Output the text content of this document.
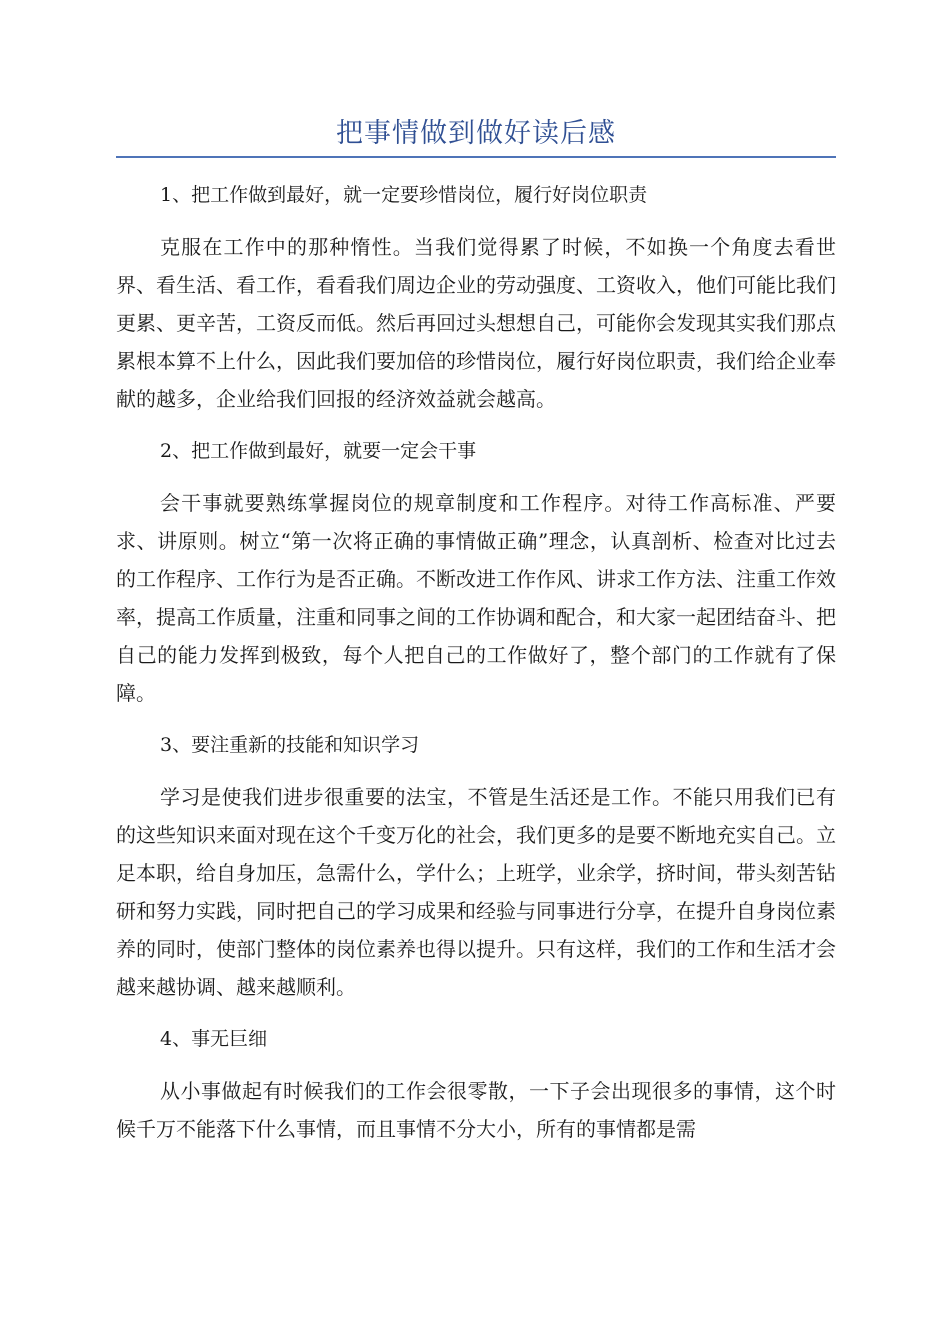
把事情做到做好读后感

1、把工作做到最好，就一定要珍惜岗位，履行好岗位职责

克服在工作中的那种惰性。当我们觉得累了时候，不如换一个角度去看世界、看生活、看工作，看看我们周边企业的劳动强度、工资收入，他们可能比我们更累、更辛苦，工资反而低。然后再回过头想想自己，可能你会发现其实我们那点累根本算不上什么，因此我们要加倍的珍惜岗位，履行好岗位职责，我们给企业奉献的越多，企业给我们回报的经济效益就会越高。

2、把工作做到最好，就要一定会干事

会干事就要熟练掌握岗位的规章制度和工作程序。对待工作高标准、严要求、讲原则。树立“第一次将正确的事情做正确”理念，认真剖析、检查对比过去的工作程序、工作行为是否正确。不断改进工作作风、讲求工作方法、注重工作效率，提高工作质量，注重和同事之间的工作协调和配合，和大家一起团结奋斗、把自己的能力发挥到极致，每个人把自己的工作做好了，整个部门的工作就有了保障。

3、要注重新的技能和知识学习

学习是使我们进步很重要的法宝，不管是生活还是工作。不能只用我们已有的这些知识来面对现在这个千变万化的社会，我们更多的是要不断地充实自己。立足本职，给自身加压，急需什么，学什么；上班学，业余学，挤时间，带头刻苦钻研和努力实践，同时把自己的学习成果和经验与同事进行分享，在提升自身岗位素养的同时，使部门整体的岗位素养也得以提升。只有这样，我们的工作和生活才会越来越协调、越来越顺利。

4、事无巨细

从小事做起有时候我们的工作会很零散，一下子会出现很多的事情，这个时候千万不能落下什么事情，而且事情不分大小，所有的事情都是需
